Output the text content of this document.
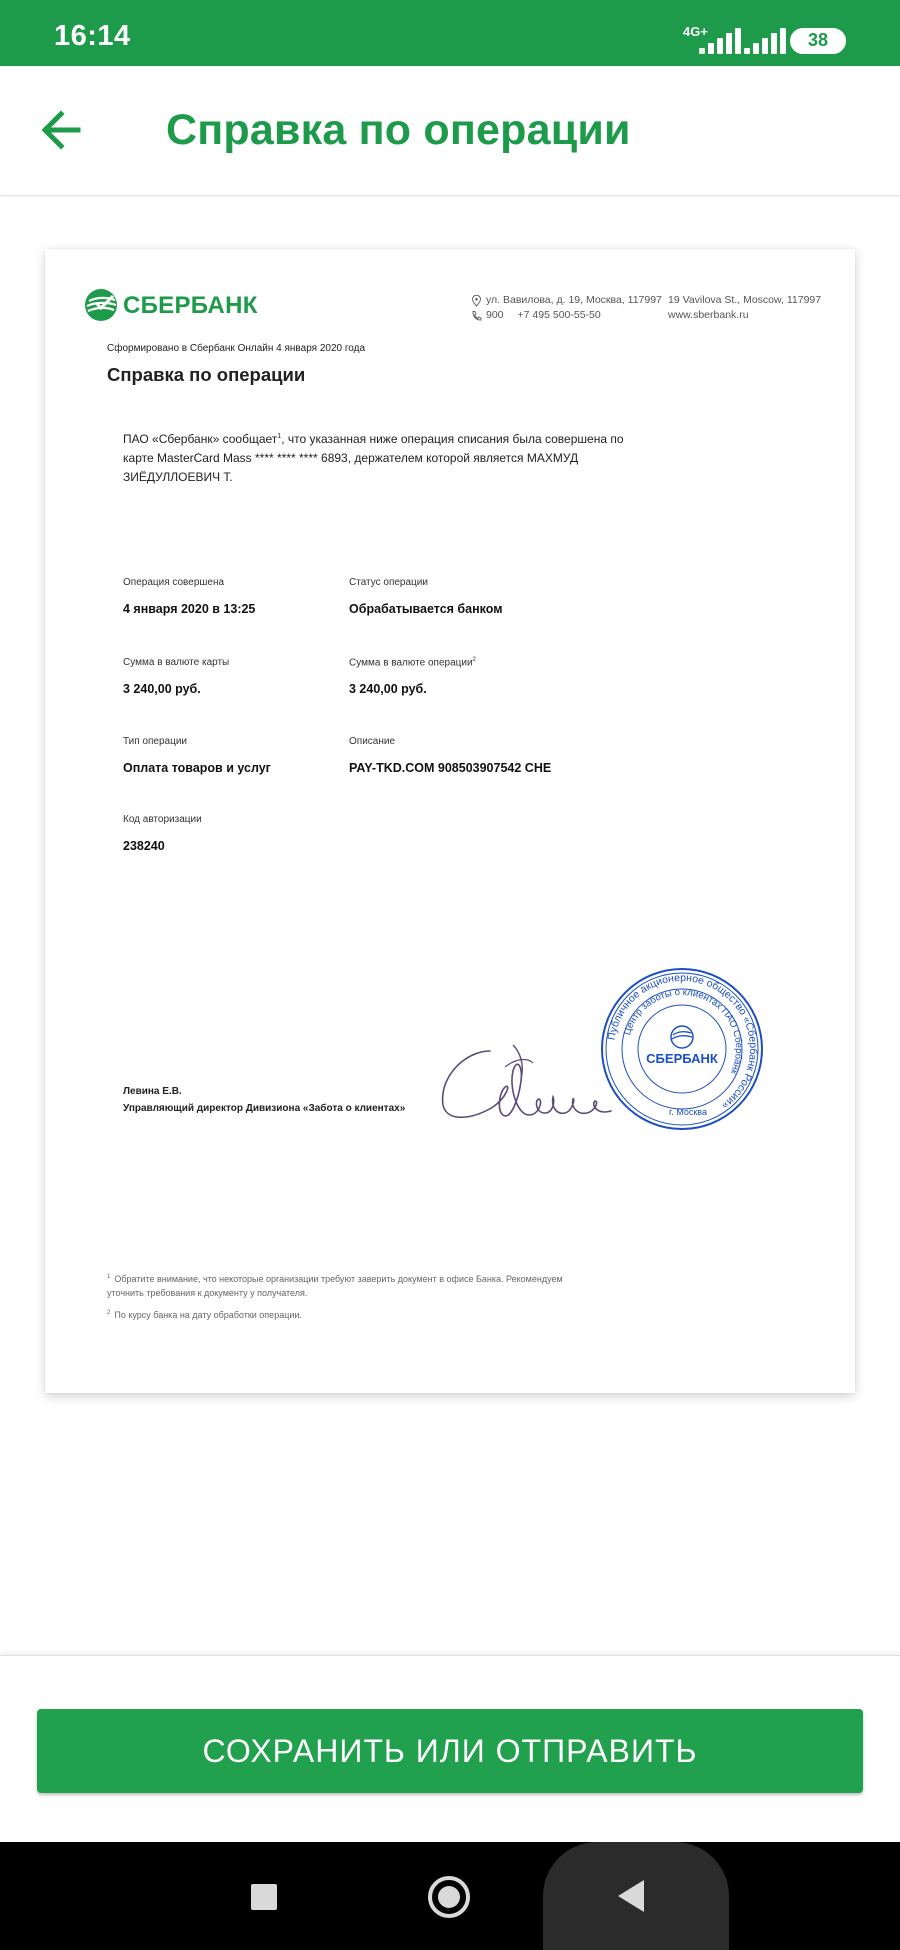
16:14	4G+	38
Справка по операции
СБЕРБАНК	ул. Вавилова, д. 19, Москва, 117997
900 +7 495 500-55-50
19 Vavilova St., Moscow, 117997
www.sberbank.ru
Сформировано в Сбербанк Онлайн 4 января 2020 года
Справка по операции
ПАО «Сбербанк» сообщает$^1$, что указанная ниже операция списания была совершена по карте MasterCard Mass **** **** **** 6893, держателем которой является МАХМУД ЗИЁДУЛЛОЕВИЧ Т.
Операция совершена
4 января 2020 в 13:25
Статус операции
Обрабатывается банком
Сумма в валюте карты
3 240,00 руб.
Сумма в валюте операции$^2$
3 240,00 руб.
Тип операции
Оплата товаров и услуг
Описание
PAY-TKD.COM 908503907542 CHE
Код авторизации
238240
Левина Е.В.
Управляющий директор Дивизиона «Забота о клиентах»
Публичное акционерное общество «Сбербанк России»
Центр заботы о клиентах ПАО Сбербанк
СБЕРБАНК
г. Москва
$^1$ Обратите внимание, что некоторые организации требуют заверить документ в офисе Банка. Рекомендуем уточнить требования к документу у получателя.
$^2$ По курсу банка на дату обработки операции.
СОХРАНИТЬ ИЛИ ОТПРАВИТЬ
